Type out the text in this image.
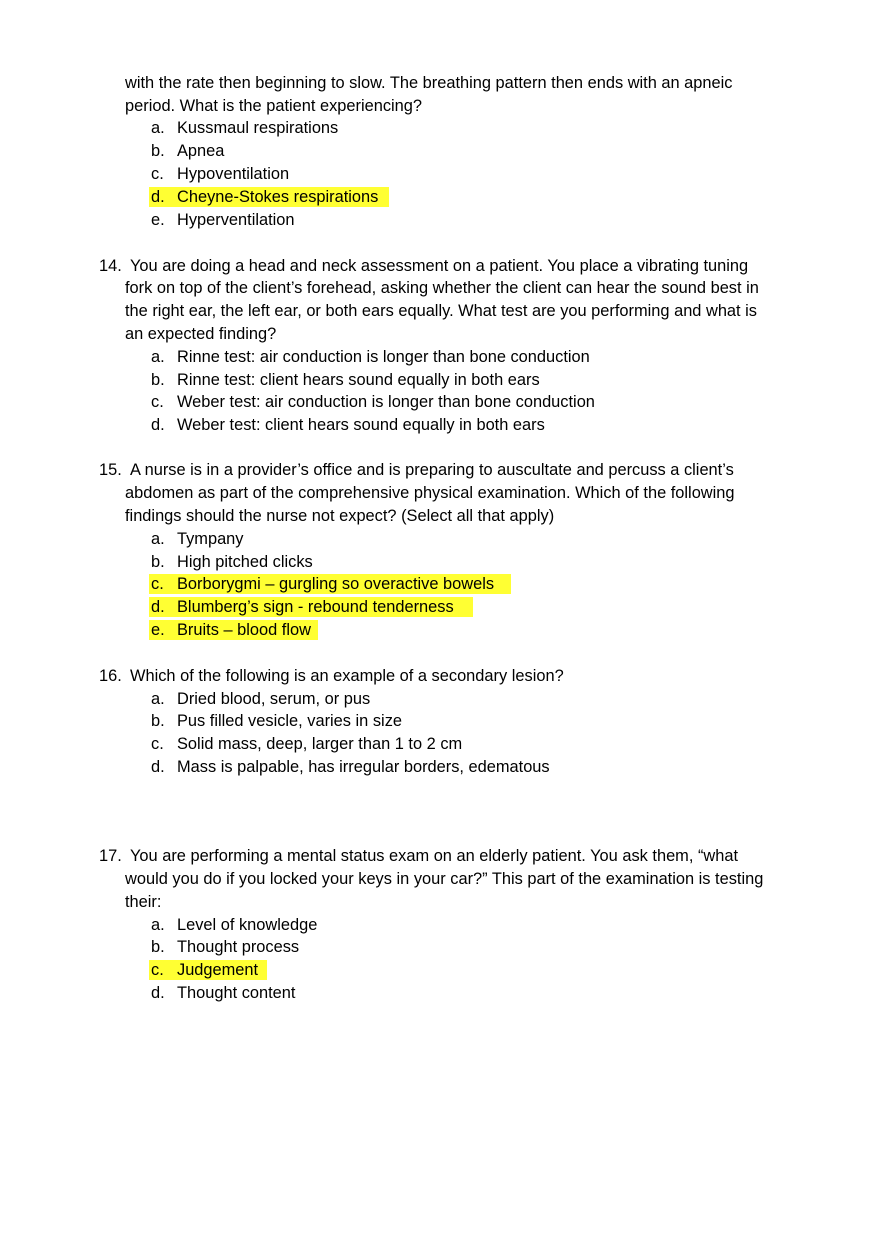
with the rate then beginning to slow. The breathing pattern then ends with an apneic
period. What is the patient experiencing?
a. Kussmaul respirations
b. Apnea
c. Hypoventilation
d. Cheyne-Stokes respirations
e. Hyperventilation
14. You are doing a head and neck assessment on a patient. You place a vibrating tuning
fork on top of the client’s forehead, asking whether the client can hear the sound best in
the right ear, the left ear, or both ears equally. What test are you performing and what is
an expected finding?
a. Rinne test: air conduction is longer than bone conduction
b. Rinne test: client hears sound equally in both ears
c. Weber test: air conduction is longer than bone conduction
d. Weber test: client hears sound equally in both ears
15. A nurse is in a provider’s office and is preparing to auscultate and percuss a client’s
abdomen as part of the comprehensive physical examination. Which of the following
findings should the nurse not expect? (Select all that apply)
a. Tympany
b. High pitched clicks
c. Borborygmi – gurgling so overactive bowels
d. Blumberg’s sign - rebound tenderness
e. Bruits – blood flow
16. Which of the following is an example of a secondary lesion?
a. Dried blood, serum, or pus
b. Pus filled vesicle, varies in size
c. Solid mass, deep, larger than 1 to 2 cm
d. Mass is palpable, has irregular borders, edematous
17. You are performing a mental status exam on an elderly patient. You ask them, “what
would you do if you locked your keys in your car?” This part of the examination is testing
their:
a. Level of knowledge
b. Thought process
c. Judgement
d. Thought content
